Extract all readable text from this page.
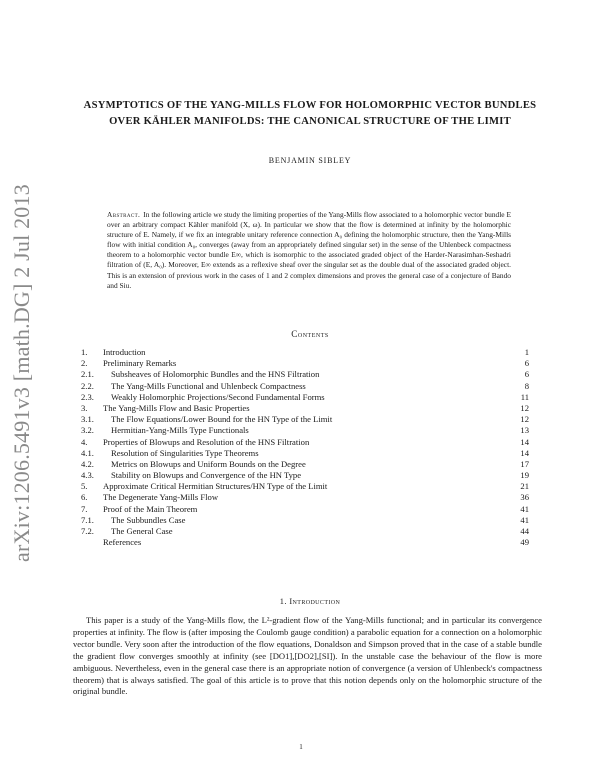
arXiv:1206.5491v3 [math.DG] 2 Jul 2013
ASYMPTOTICS OF THE YANG-MILLS FLOW FOR HOLOMORPHIC VECTOR BUNDLES OVER KÄHLER MANIFOLDS: THE CANONICAL STRUCTURE OF THE LIMIT
BENJAMIN SIBLEY
Abstract. In the following article we study the limiting properties of the Yang-Mills flow associated to a holomorphic vector bundle E over an arbitrary compact Kähler manifold (X, ω). In particular we show that the flow is determined at infinity by the holomorphic structure of E. Namely, if we fix an integrable unitary reference connection A₀ defining the holomorphic structure, then the Yang-Mills flow with initial condition A₀, converges (away from an appropriately defined singular set) in the sense of the Uhlenbeck compactness theorem to a holomorphic vector bundle E∞, which is isomorphic to the associated graded object of the Harder-Narasimhan-Seshadri filtration of (E, A₀). Moreover, E∞ extends as a reflexive sheaf over the singular set as the double dual of the associated graded object. This is an extension of previous work in the cases of 1 and 2 complex dimensions and proves the general case of a conjecture of Bando and Siu.
Contents
1. Introduction	1
2. Preliminary Remarks	6
2.1. Subsheaves of Holomorphic Bundles and the HNS Filtration	6
2.2. The Yang-Mills Functional and Uhlenbeck Compactness	8
2.3. Weakly Holomorphic Projections/Second Fundamental Forms	11
3. The Yang-Mills Flow and Basic Properties	12
3.1. The Flow Equations/Lower Bound for the HN Type of the Limit	12
3.2. Hermitian-Yang-Mills Type Functionals	13
4. Properties of Blowups and Resolution of the HNS Filtration	14
4.1. Resolution of Singularities Type Theorems	14
4.2. Metrics on Blowups and Uniform Bounds on the Degree	17
4.3. Stability on Blowups and Convergence of the HN Type	19
5. Approximate Critical Hermitian Structures/HN Type of the Limit	21
6. The Degenerate Yang-Mills Flow	36
7. Proof of the Main Theorem	41
7.1. The Subbundles Case	41
7.2. The General Case	44
References	49
1. Introduction
This paper is a study of the Yang-Mills flow, the L²-gradient flow of the Yang-Mills functional; and in particular its convergence properties at infinity. The flow is (after imposing the Coulomb gauge condition) a parabolic equation for a connection on a holomorphic vector bundle. Very soon after the introduction of the flow equations, Donaldson and Simpson proved that in the case of a stable bundle the gradient flow converges smoothly at infinity (see [DO1],[DO2],[SI]). In the unstable case the behaviour of the flow is more ambiguous. Nevertheless, even in the general case there is an appropriate notion of convergence (a version of Uhlenbeck's compactness theorem) that is always satisfied. The goal of this article is to prove that this notion depends only on the holomorphic structure of the original bundle.
1
